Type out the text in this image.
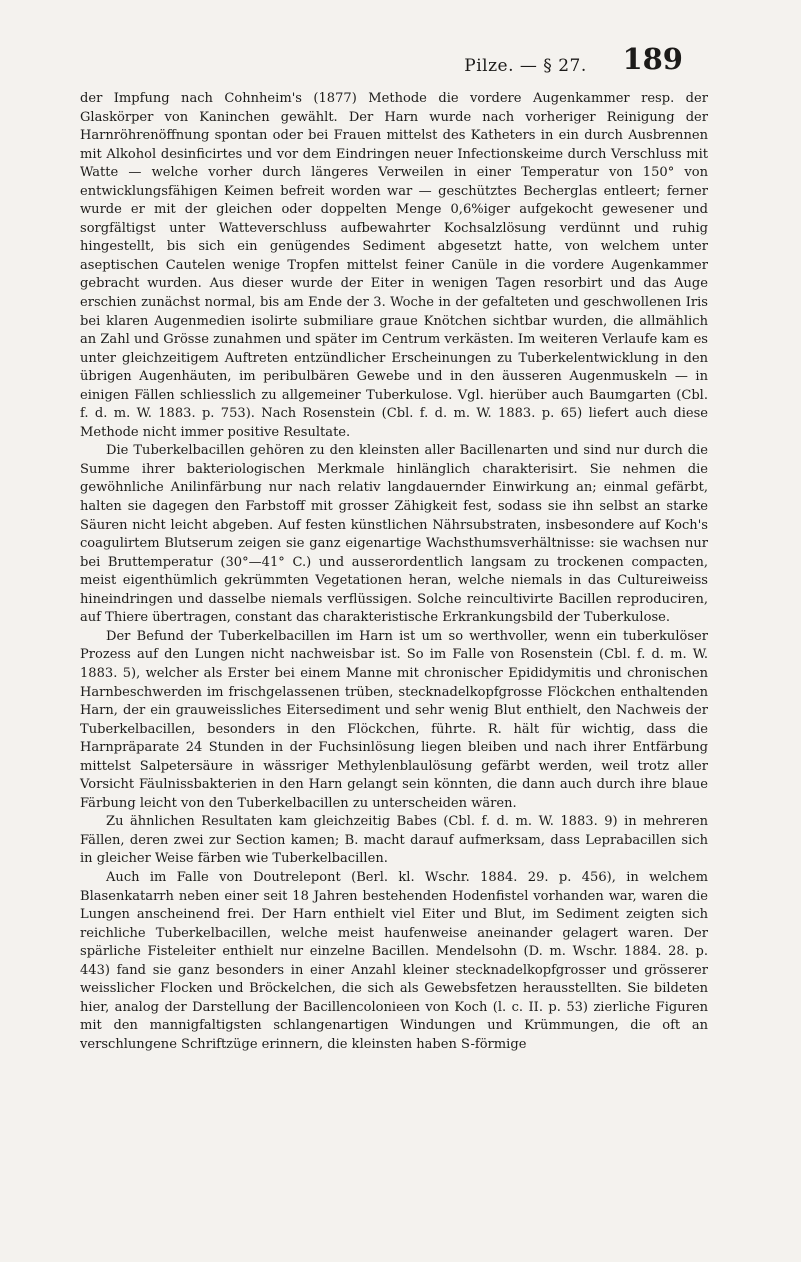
Pilze. — § 27.	189

der Impfung nach Cohnheim's (1877) Methode die vordere Augenkammer resp. der Glaskörper von Kaninchen gewählt. Der Harn wurde nach vorheriger Reinigung der Harnröhrenöffnung spontan oder bei Frauen mittelst des Katheters in ein durch Ausbrennen mit Alkohol desinficirtes und vor dem Eindringen neuer Infectionskeime durch Verschluss mit Watte — welche vorher durch längeres Verweilen in einer Temperatur von 150° von entwicklungsfähigen Keimen befreit worden war — geschütztes Becherglas entleert; ferner wurde er mit der gleichen oder doppelten Menge 0,6%iger aufgekocht gewesener und sorgfältigst unter Watteverschluss aufbewahrter Kochsalzlösung verdünnt und ruhig hingestellt, bis sich ein genügendes Sediment abgesetzt hatte, von welchem unter aseptischen Cautelen wenige Tropfen mittelst feiner Canüle in die vordere Augenkammer gebracht wurden. Aus dieser wurde der Eiter in wenigen Tagen resorbirt und das Auge erschien zunächst normal, bis am Ende der 3. Woche in der gefalteten und geschwollenen Iris bei klaren Augenmedien isolirte submiliare graue Knötchen sichtbar wurden, die allmählich an Zahl und Grösse zunahmen und später im Centrum verkästen. Im weiteren Verlaufe kam es unter gleichzeitigem Auftreten entzündlicher Erscheinungen zu Tuberkelentwicklung in den übrigen Augenhäuten, im peribulbären Gewebe und in den äusseren Augenmuskeln — in einigen Fällen schliesslich zu allgemeiner Tuberkulose. Vgl. hierüber auch Baumgarten (Cbl. f. d. m. W. 1883. p. 753). Nach Rosenstein (Cbl. f. d. m. W. 1883. p. 65) liefert auch diese Methode nicht immer positive Resultate.

Die Tuberkelbacillen gehören zu den kleinsten aller Bacillenarten und sind nur durch die Summe ihrer bakteriologischen Merkmale hinlänglich charakterisirt. Sie nehmen die gewöhnliche Anilinfärbung nur nach relativ langdauernder Einwirkung an; einmal gefärbt, halten sie dagegen den Farbstoff mit grosser Zähigkeit fest, sodass sie ihn selbst an starke Säuren nicht leicht abgeben. Auf festen künstlichen Nährsubstraten, insbesondere auf Koch's coagulirtem Blutserum zeigen sie ganz eigenartige Wachsthumsverhältnisse: sie wachsen nur bei Bruttemperatur (30°—41° C.) und ausserordentlich langsam zu trockenen compacten, meist eigenthümlich gekrümmten Vegetationen heran, welche niemals in das Cultureiweiss hineindringen und dasselbe niemals verflüssigen. Solche reincultivirte Bacillen reproduciren, auf Thiere übertragen, constant das charakteristische Erkrankungsbild der Tuberkulose.

Der Befund der Tuberkelbacillen im Harn ist um so werthvoller, wenn ein tuberkulöser Prozess auf den Lungen nicht nachweisbar ist. So im Falle von Rosenstein (Cbl. f. d. m. W. 1883. 5), welcher als Erster bei einem Manne mit chronischer Epididymitis und chronischen Harnbeschwerden im frischgelassenen trüben, stecknadelkopfgrosse Flöckchen enthaltenden Harn, der ein grauweissliches Eitersediment und sehr wenig Blut enthielt, den Nachweis der Tuberkelbacillen, besonders in den Flöckchen, führte. R. hält für wichtig, dass die Harnpräparate 24 Stunden in der Fuchsinlösung liegen bleiben und nach ihrer Entfärbung mittelst Salpetersäure in wässriger Methylenblaulösung gefärbt werden, weil trotz aller Vorsicht Fäulnissbakterien in den Harn gelangt sein könnten, die dann auch durch ihre blaue Färbung leicht von den Tuberkelbacillen zu unterscheiden wären.

Zu ähnlichen Resultaten kam gleichzeitig Babes (Cbl. f. d. m. W. 1883. 9) in mehreren Fällen, deren zwei zur Section kamen; B. macht darauf aufmerksam, dass Leprabacillen sich in gleicher Weise färben wie Tuberkelbacillen.

Auch im Falle von Doutrelepont (Berl. kl. Wschr. 1884. 29. p. 456), in welchem Blasenkatarrh neben einer seit 18 Jahren bestehenden Hodenfistel vorhanden war, waren die Lungen anscheinend frei. Der Harn enthielt viel Eiter und Blut, im Sediment zeigten sich reichliche Tuberkelbacillen, welche meist haufenweise aneinander gelagert waren. Der spärliche Fisteleiter enthielt nur einzelne Bacillen. Mendelsohn (D. m. Wschr. 1884. 28. p. 443) fand sie ganz besonders in einer Anzahl kleiner stecknadelkopfgrosser und grösserer weisslicher Flocken und Bröckelchen, die sich als Gewebsfetzen herausstellten. Sie bildeten hier, analog der Darstellung der Bacillencolonieen von Koch (l. c. II. p. 53) zierliche Figuren mit den mannigfaltigsten schlangenartigen Windungen und Krümmungen, die oft an verschlungene Schriftzüge erinnern, die kleinsten haben S-förmige
